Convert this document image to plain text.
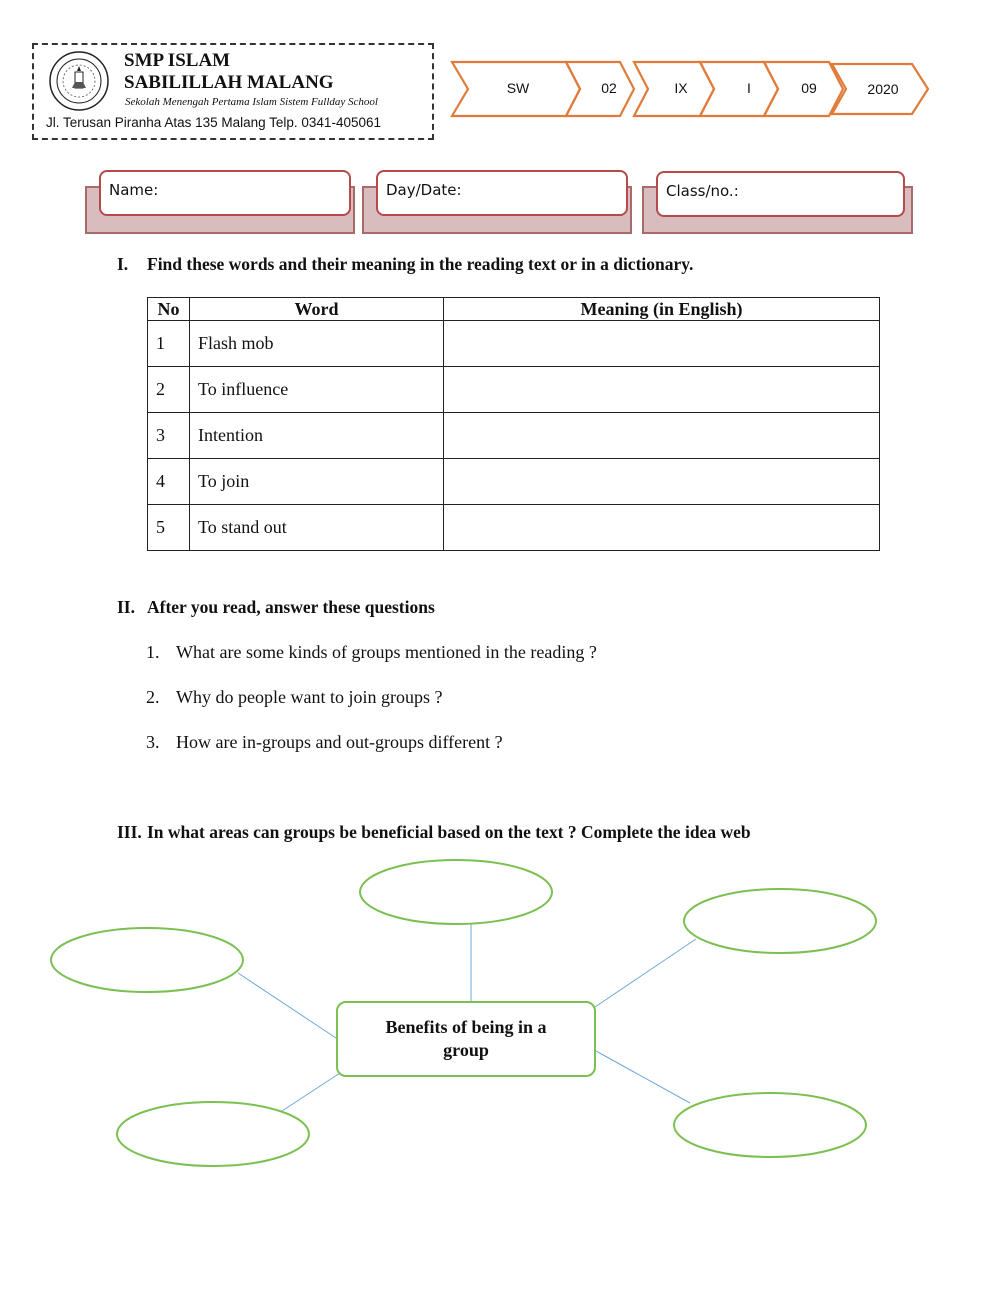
SMP ISLAM
SABILILLAH MALANG
Sekolah Menengah Pertama Islam Sistem Fullday School
Jl. Terusan Piranha Atas 135 Malang Telp. 0341-405061
SW	02	IX	I	09	2020
Name:	Day/Date:	Class/no.:
I. Find these words and their meaning in the reading text or in a dictionary.
No	Word	Meaning (in English)
1	Flash mob	
2	To influence	
3	Intention	
4	To join	
5	To stand out	
II. After you read, answer these questions
1. What are some kinds of groups mentioned in the reading ?
2. Why do people want to join groups ?
3. How are in-groups and out-groups different ?
III. In what areas can groups be beneficial based on the text ? Complete the idea web
Benefits of being in a group
